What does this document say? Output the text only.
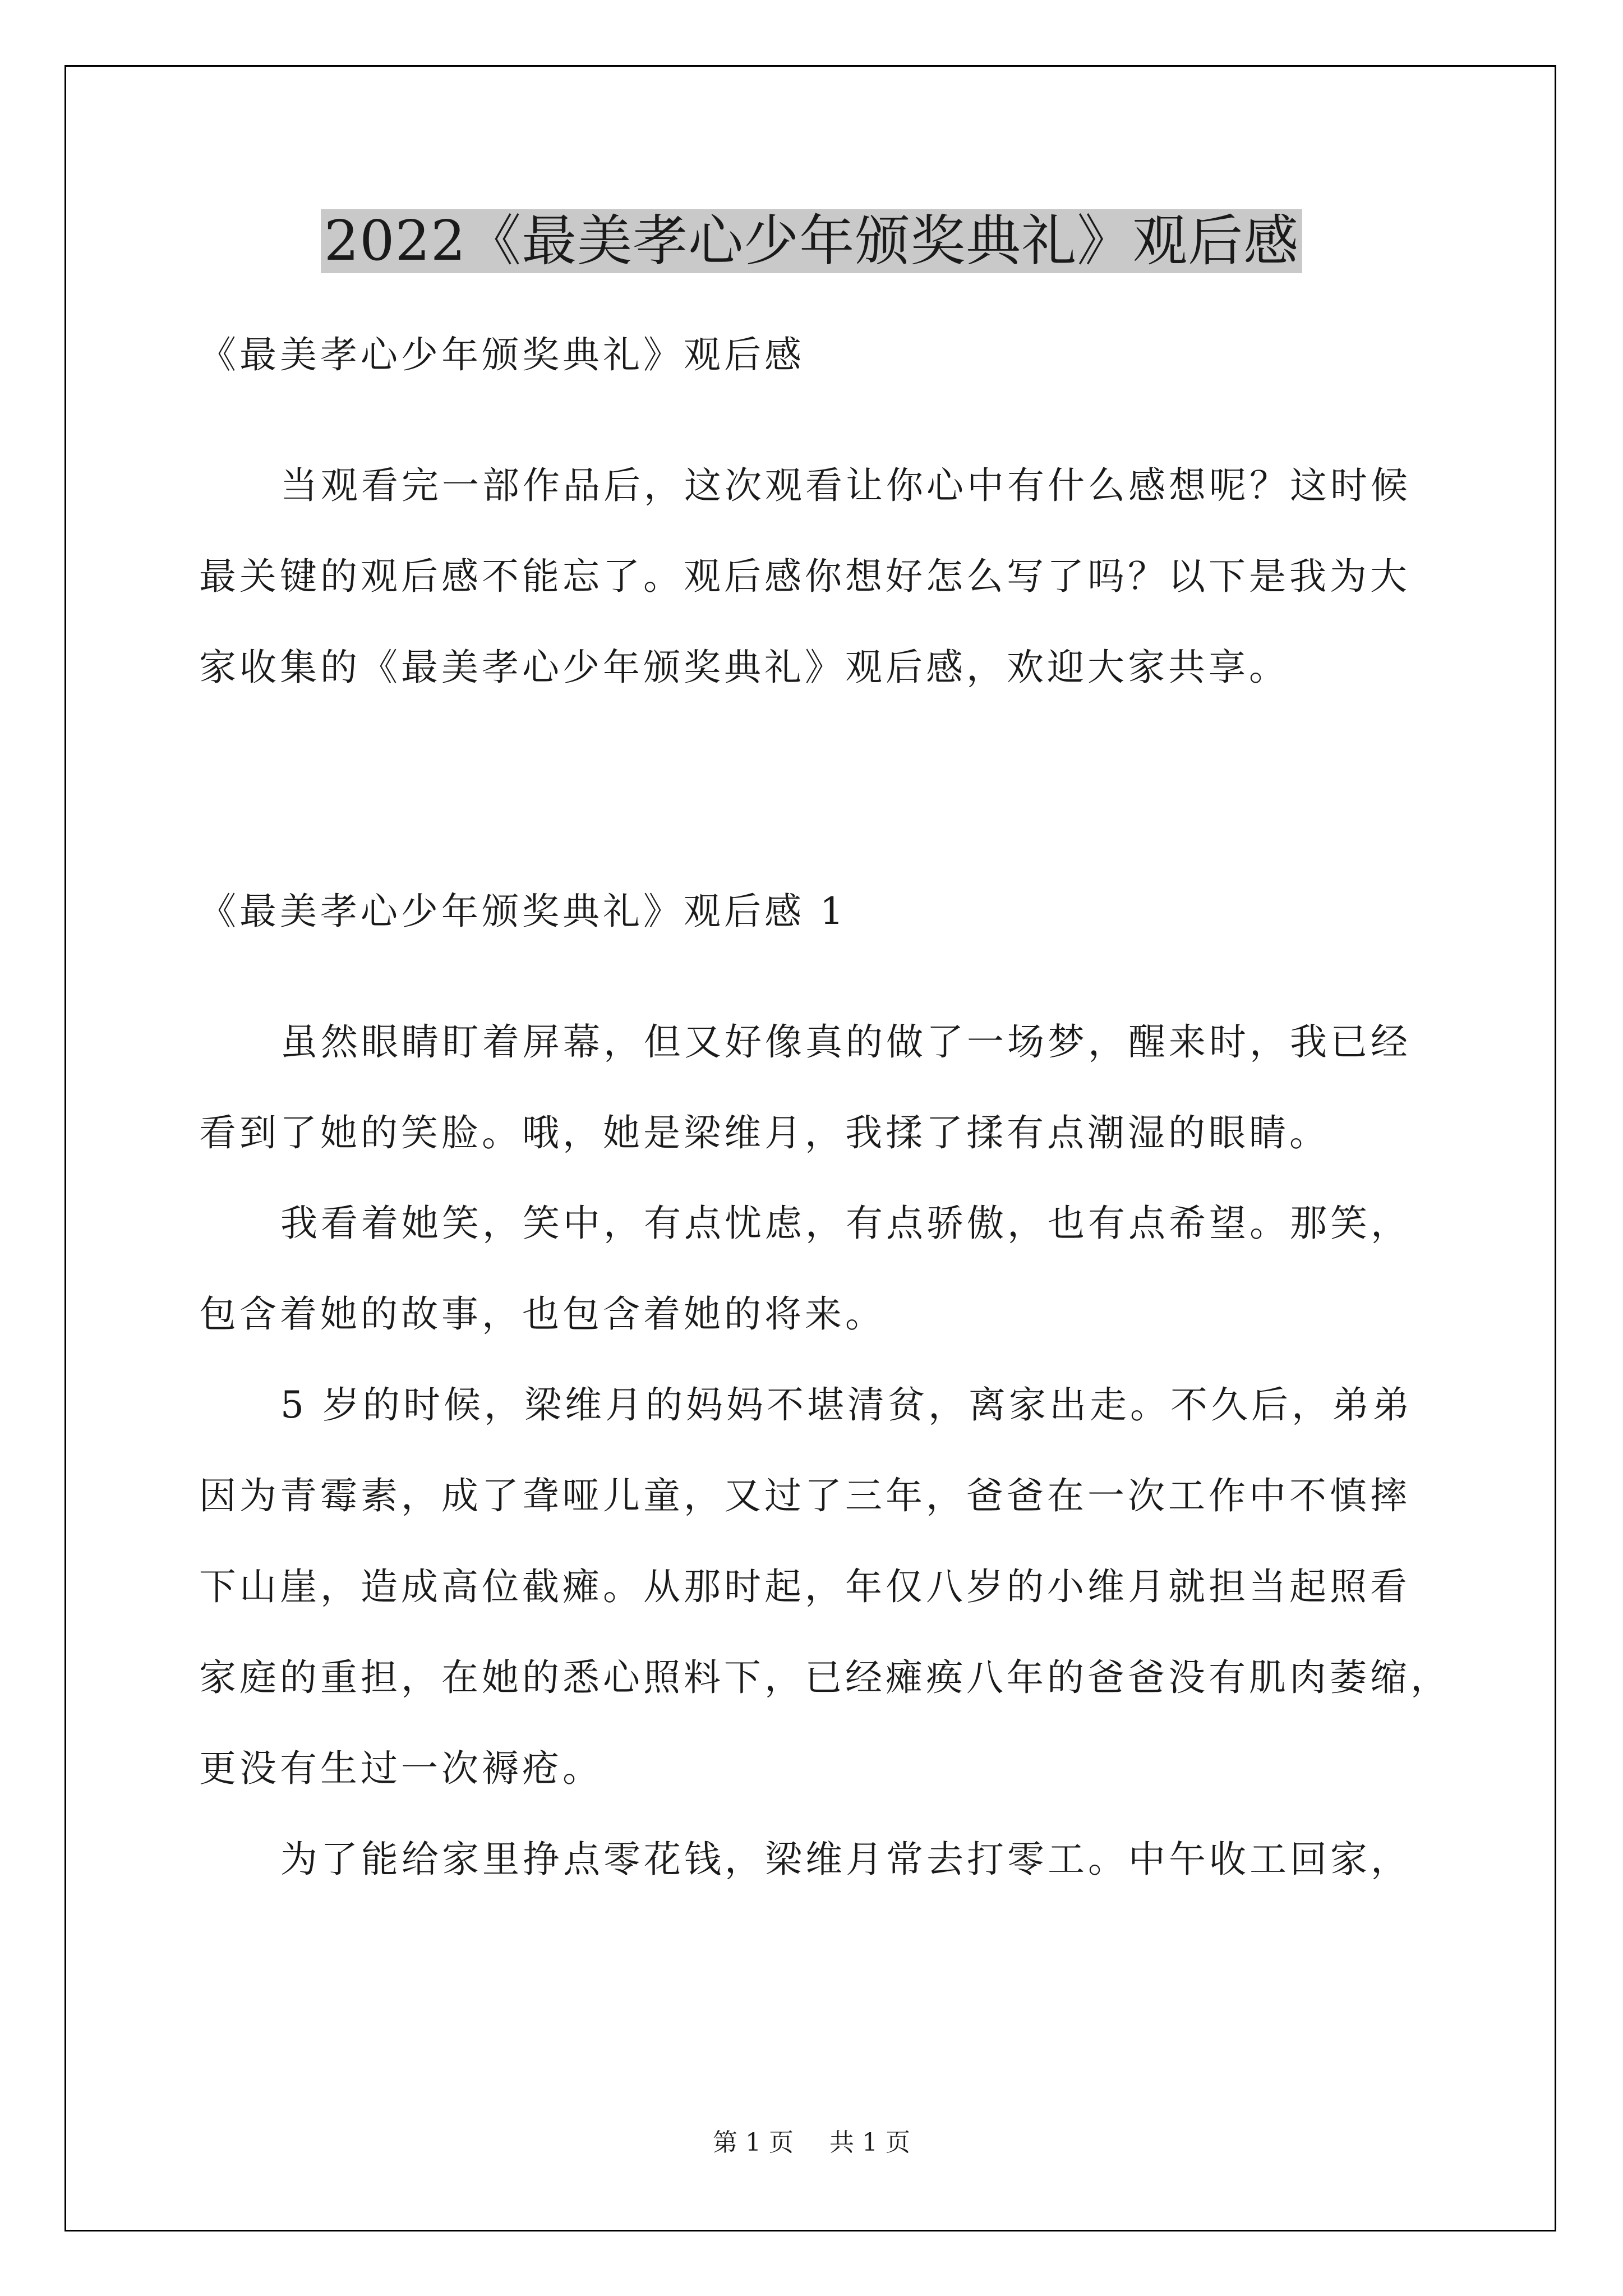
2022《最美孝心少年颁奖典礼》观后感
《最美孝心少年颁奖典礼》观后感
当观看完一部作品后，这次观看让你心中有什么感想呢？这时候
最关键的观后感不能忘了。观后感你想好怎么写了吗？以下是我为大
家收集的《最美孝心少年颁奖典礼》观后感，欢迎大家共享。
《最美孝心少年颁奖典礼》观后感 1
虽然眼睛盯着屏幕，但又好像真的做了一场梦，醒来时，我已经
看到了她的笑脸。哦，她是梁维月，我揉了揉有点潮湿的眼睛。
我看着她笑，笑中，有点忧虑，有点骄傲，也有点希望。那笑，
包含着她的故事，也包含着她的将来。
5 岁的时候，梁维月的妈妈不堪清贫，离家出走。不久后，弟弟
因为青霉素，成了聋哑儿童，又过了三年，爸爸在一次工作中不慎摔
下山崖，造成高位截瘫。从那时起，年仅八岁的小维月就担当起照看
家庭的重担，在她的悉心照料下，已经瘫痪八年的爸爸没有肌肉萎缩，
更没有生过一次褥疮。
为了能给家里挣点零花钱，梁维月常去打零工。中午收工回家，
第 1 页 共 1 页
